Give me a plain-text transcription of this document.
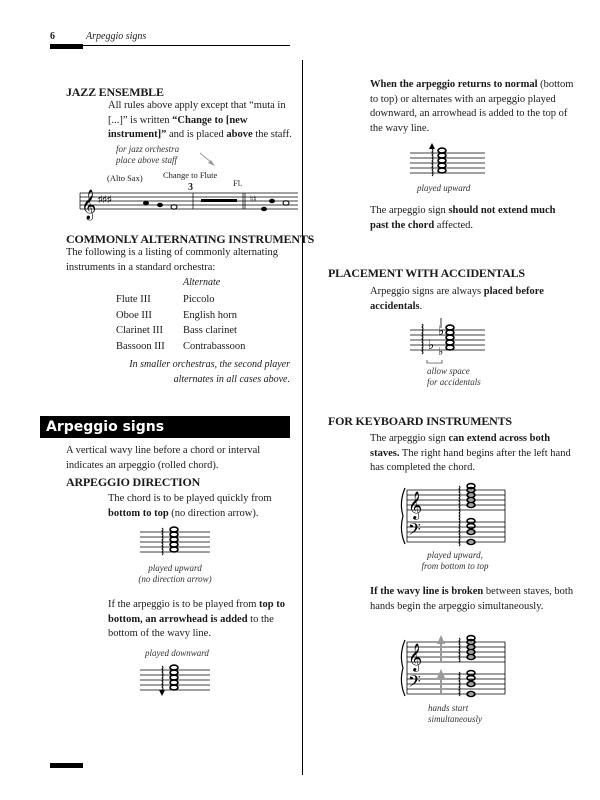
6	Arpeggio signs
JAZZ ENSEMBLE
All rules above apply except that “muta in [...]” is written “Change to [new instrument]” and is placed above the staff.
for jazz orchestra
place above staff
(Alto Sax) Change to Flute
3	Fl.
𝄞 ♯♯♯	♮♮
COMMONLY ALTERNATING INSTRUMENTS
The following is a listing of commonly alternating instruments in a standard orchestra:
Alternate
Flute III	Piccolo
Oboe III	English horn
Clarinet III	Bass clarinet
Bassoon III	Contrabassoon
In smaller orchestras, the second player
alternates in all cases above.
Arpeggio signs
A vertical wavy line before a chord or interval indicates an arpeggio (rolled chord).
ARPEGGIO DIRECTION
The chord is to be played quickly from bottom to top (no direction arrow).
played upward
(no direction arrow)
If the arpeggio is to be played from top to bottom, an arrowhead is added to the bottom of the wavy line.
played downward
When the arpeggio returns to normal (bottom to top) or alternates with an arpeggio played downward, an arrowhead is added to the top of the wavy line.
played upward
The arpeggio sign should not extend much past the chord affected.
PLACEMENT WITH ACCIDENTALS
Arpeggio signs are always placed before accidentals.
♭
♭
♭
allow space
for accidentals
FOR KEYBOARD INSTRUMENTS
The arpeggio sign can extend across both staves. The right hand begins after the left hand has completed the chord.
𝄞
𝄢
played upward,
from bottom to top
If the wavy line is broken between staves, both hands begin the arpeggio simultaneously.
𝄞
𝄢
hands start
simultaneously
